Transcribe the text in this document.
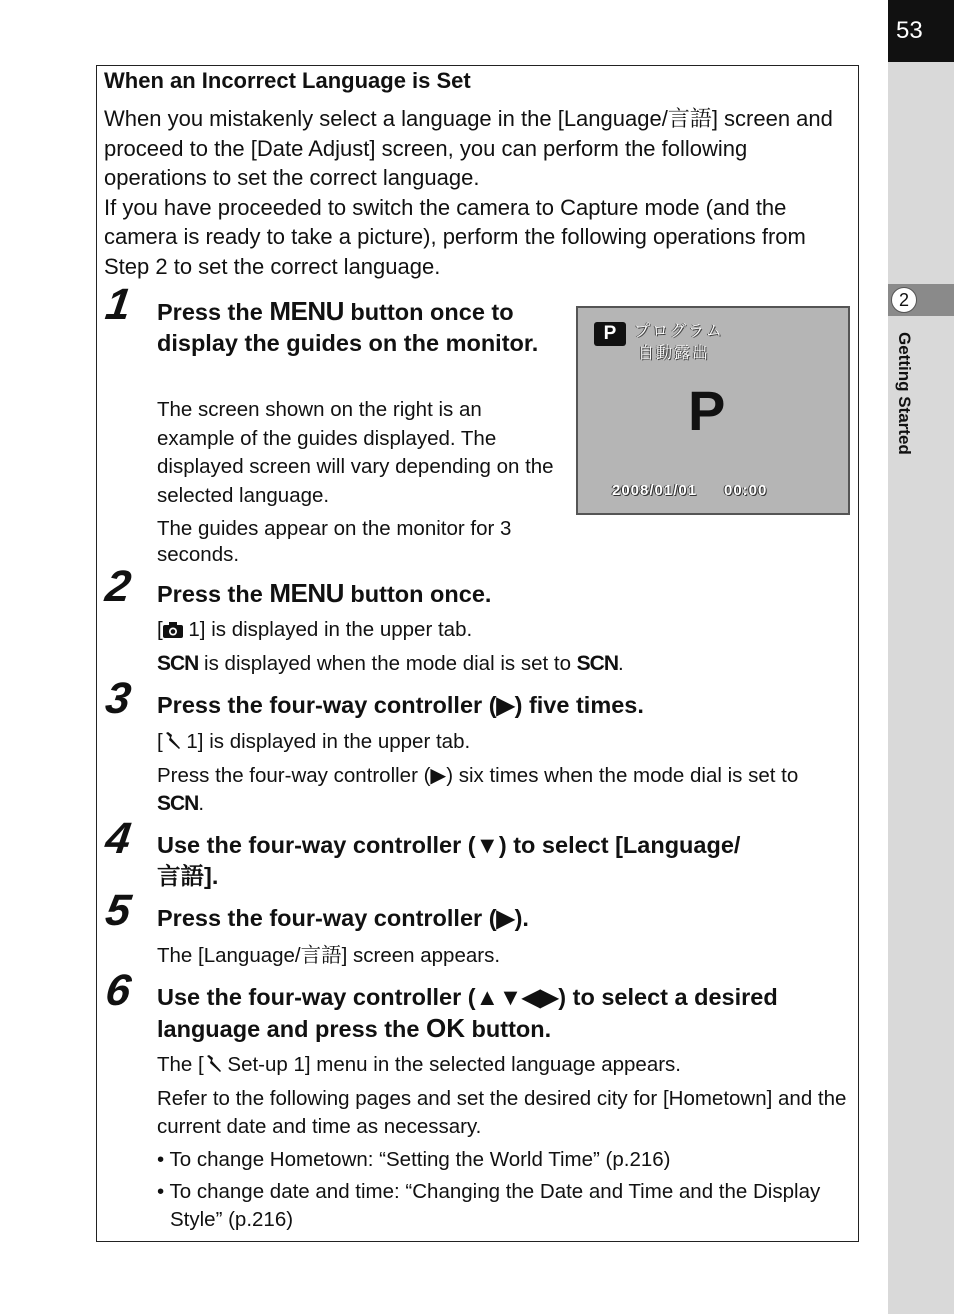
53
2
Getting Started
When an Incorrect Language is Set

When you mistakenly select a language in the [Language/言語] screen and proceed to the [Date Adjust] screen, you can perform the following operations to set the correct language.

If you have proceeded to switch the camera to Capture mode (and the camera is ready to take a picture), perform the following operations from Step 2 to set the correct language.

1 Press the MENU button once to display the guides on the monitor.

The screen shown on the right is an example of the guides displayed. The displayed screen will vary depending on the selected language.

The guides appear on the monitor for 3 seconds.

P	プログラム
自動露出
P
2008/01/01 00:00
2 Press the MENU button once.

[ 1] is displayed in the upper tab.

SCN is displayed when the mode dial is set to SCN.

3 Press the four-way controller (▶) five times.

[ 1] is displayed in the upper tab.

Press the four-way controller (▶) six times when the mode dial is set to SCN.

4 Use the four-way controller (▼) to select [Language/
言語].
5 Press the four-way controller (▶).
The [Language/言語] screen appears.
6 Use the four-way controller (▲▼◀▶) to select a desired language and press the OK button.

The [ Set-up 1] menu in the selected language appears.

Refer to the following pages and set the desired city for [Hometown] and the current date and time as necessary.

• To change Hometown: “Setting the World Time” (p.216)

• To change date and time: “Changing the Date and Time and the Display

Style” (p.216)
